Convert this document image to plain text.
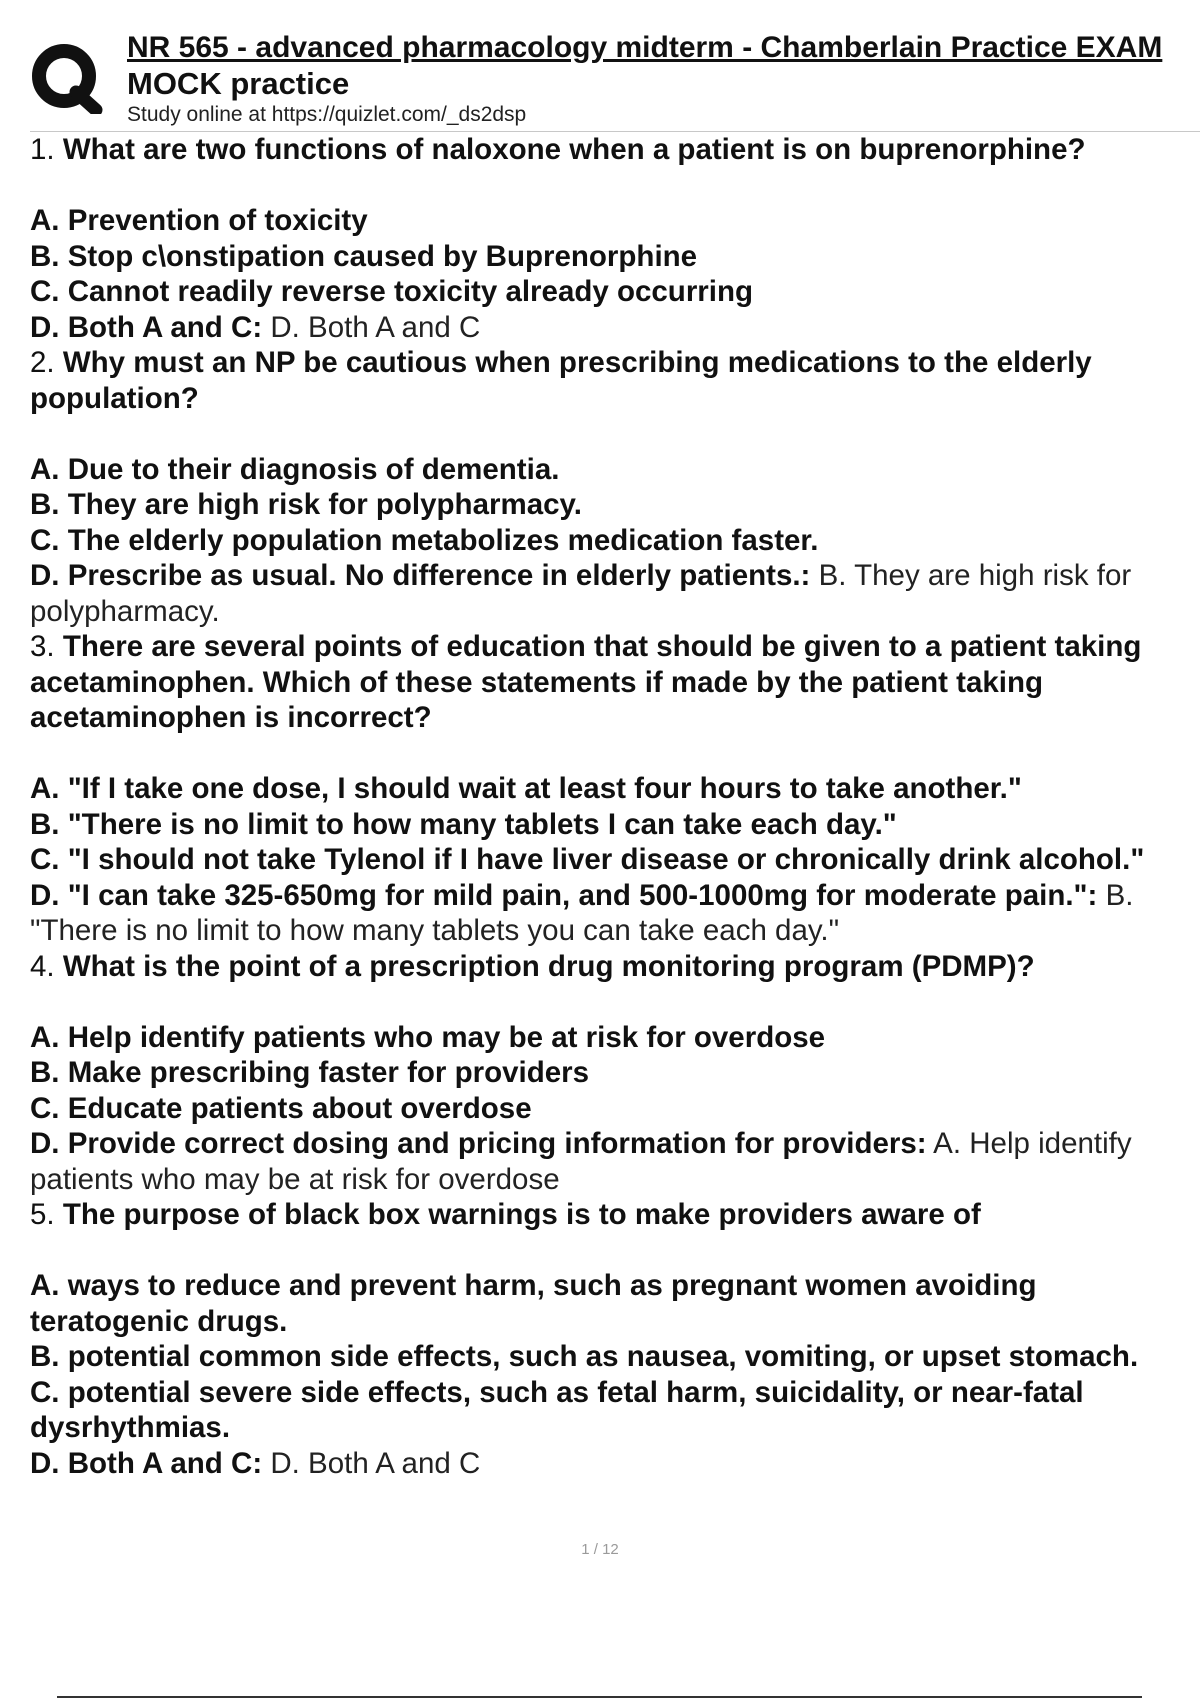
NR 565 - advanced pharmacology midterm - Chamberlain Practice EXAM
MOCK practice
Study online at https://quizlet.com/_ds2dsp

1. What are two functions of naloxone when a patient is on buprenorphine?

A. Prevention of toxicity

B. Stop c\onstipation caused by Buprenorphine

C. Cannot readily reverse toxicity already occurring

D. Both A and C: D. Both A and C

2. Why must an NP be cautious when prescribing medications to the elderly population?

A. Due to their diagnosis of dementia.

B. They are high risk for polypharmacy.

C. The elderly population metabolizes medication faster.

D. Prescribe as usual. No difference in elderly patients.: B. They are high risk for polypharmacy.

3. There are several points of education that should be given to a patient taking acetaminophen. Which of these statements if made by the patient taking acetaminophen is incorrect?

A. "If I take one dose, I should wait at least four hours to take another."

B. "There is no limit to how many tablets I can take each day."

C. "I should not take Tylenol if I have liver disease or chronically drink alcohol."

D. "I can take 325-650mg for mild pain, and 500-1000mg for moderate pain.": B. "There is no limit to how many tablets you can take each day."

4. What is the point of a prescription drug monitoring program (PDMP)?

A. Help identify patients who may be at risk for overdose

B. Make prescribing faster for providers

C. Educate patients about overdose

D. Provide correct dosing and pricing information for providers: A. Help identify patients who may be at risk for overdose

5. The purpose of black box warnings is to make providers aware of

A. ways to reduce and prevent harm, such as pregnant women avoiding teratogenic drugs.

B. potential common side effects, such as nausea, vomiting, or upset stomach.

C. potential severe side effects, such as fetal harm, suicidality, or near-fatal dysrhythmias.

D. Both A and C: D. Both A and C

1 / 12
